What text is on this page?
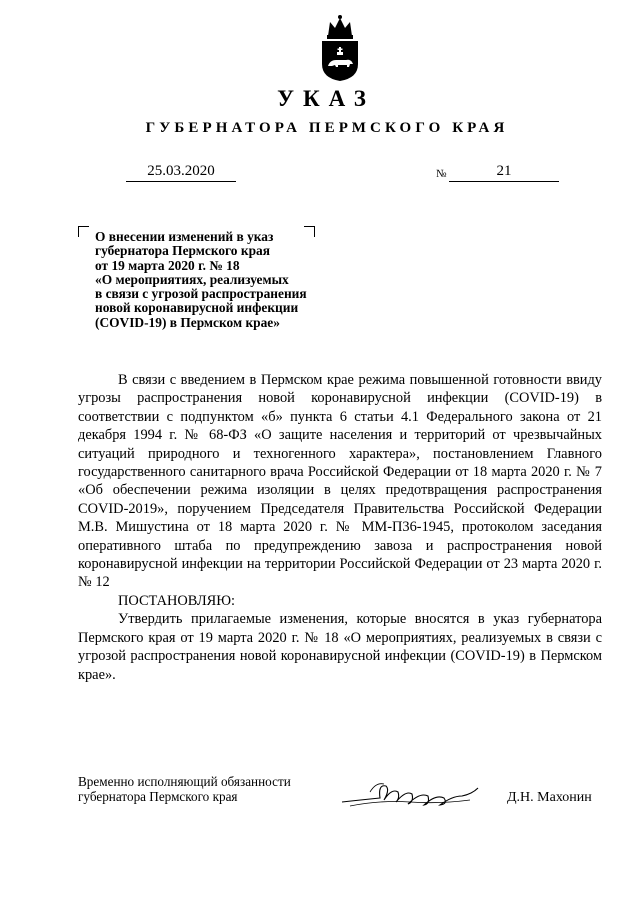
УКАЗ
ГУБЕРНАТОРА ПЕРМСКОГО КРАЯ
25.03.2020	№	21
О внесении изменений в указ
губернатора Пермского края
от 19 марта 2020 г. № 18
«О мероприятиях, реализуемых
в связи с угрозой распространения
новой коронавирусной инфекции
(COVID-19) в Пермском крае»

В связи с введением в Пермском крае режима повышенной готовности ввиду угрозы распространения новой коронавирусной инфекции (COVID-19) в соответствии с подпунктом «б» пункта 6 статьи 4.1 Федерального закона от 21 декабря 1994 г. № 68-ФЗ «О защите населения и территорий от чрезвычайных ситуаций природного и техногенного характера», постановлением Главного государственного санитарного врача Российской Федерации от 18 марта 2020 г. № 7 «Об обеспечении режима изоляции в целях предотвращения распространения COVID-2019», поручением Председателя Правительства Российской Федерации М.В. Мишустина от 18 марта 2020 г. № ММ-П36-1945, протоколом заседания оперативного штаба по предупреждению завоза и распространения новой коронавирусной инфекции на территории Российской Федерации от 23 марта 2020 г. № 12

ПОСТАНОВЛЯЮ:

Утвердить прилагаемые изменения, которые вносятся в указ губернатора Пермского края от 19 марта 2020 г. № 18 «О мероприятиях, реализуемых в связи с угрозой распространения новой коронавирусной инфекции (COVID-19) в Пермском крае».

Временно исполняющий обязанности
губернатора Пермского края	Д.Н. Махонин
